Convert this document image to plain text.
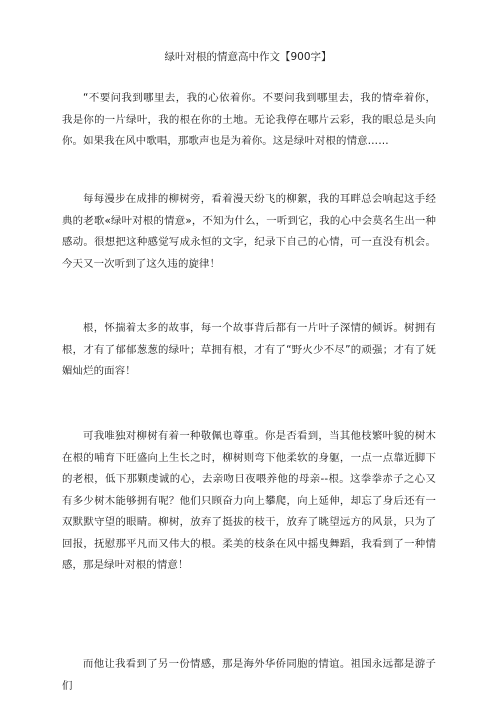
绿叶对根的情意高中作文【900字】

“不要问我到哪里去，我的心依着你。不要问我到哪里去，我的情牵着你，我是你的一片绿叶，我的根在你的土地。无论我停在哪片云彩，我的眼总是头向你。如果我在风中歌唱，那歌声也是为着你。这是绿叶对根的情意……

每每漫步在成排的柳树旁，看着漫天纷飞的柳絮，我的耳畔总会响起这手经典的老歌«绿叶对根的情意»，不知为什么，一听到它，我的心中会莫名生出一种感动。很想把这种感觉写成永恒的文字，纪录下自己的心情，可一直没有机会。今天又一次听到了这久违的旋律！

根，怀揣着太多的故事，每一个故事背后都有一片叶子深情的倾诉。树拥有根，才有了郁郁葱葱的绿叶；草拥有根，才有了“野火少不尽”的顽强；才有了妩媚灿烂的面容！

可我唯独对柳树有着一种敬佩也尊重。你是否看到，当其他枝繁叶貌的树木在根的哺育下旺盛向上生长之时，柳树则弯下他柔软的身躯，一点一点靠近脚下的老根，低下那颗虔诚的心，去亲吻日夜喂养他的母亲--根。这拳拳赤子之心又有多少树木能够拥有呢？他们只顾奋力向上攀爬，向上延伸，却忘了身后还有一双默默守望的眼睛。柳树，放弃了挺拔的枝干，放弃了眺望远方的风景，只为了回报，抚慰那平凡而又伟大的根。柔美的枝条在风中摇曳舞蹈，我看到了一种情感，那是绿叶对根的情意！

而他让我看到了另一份情感，那是海外华侨同胞的情谊。祖国永远都是游子们
